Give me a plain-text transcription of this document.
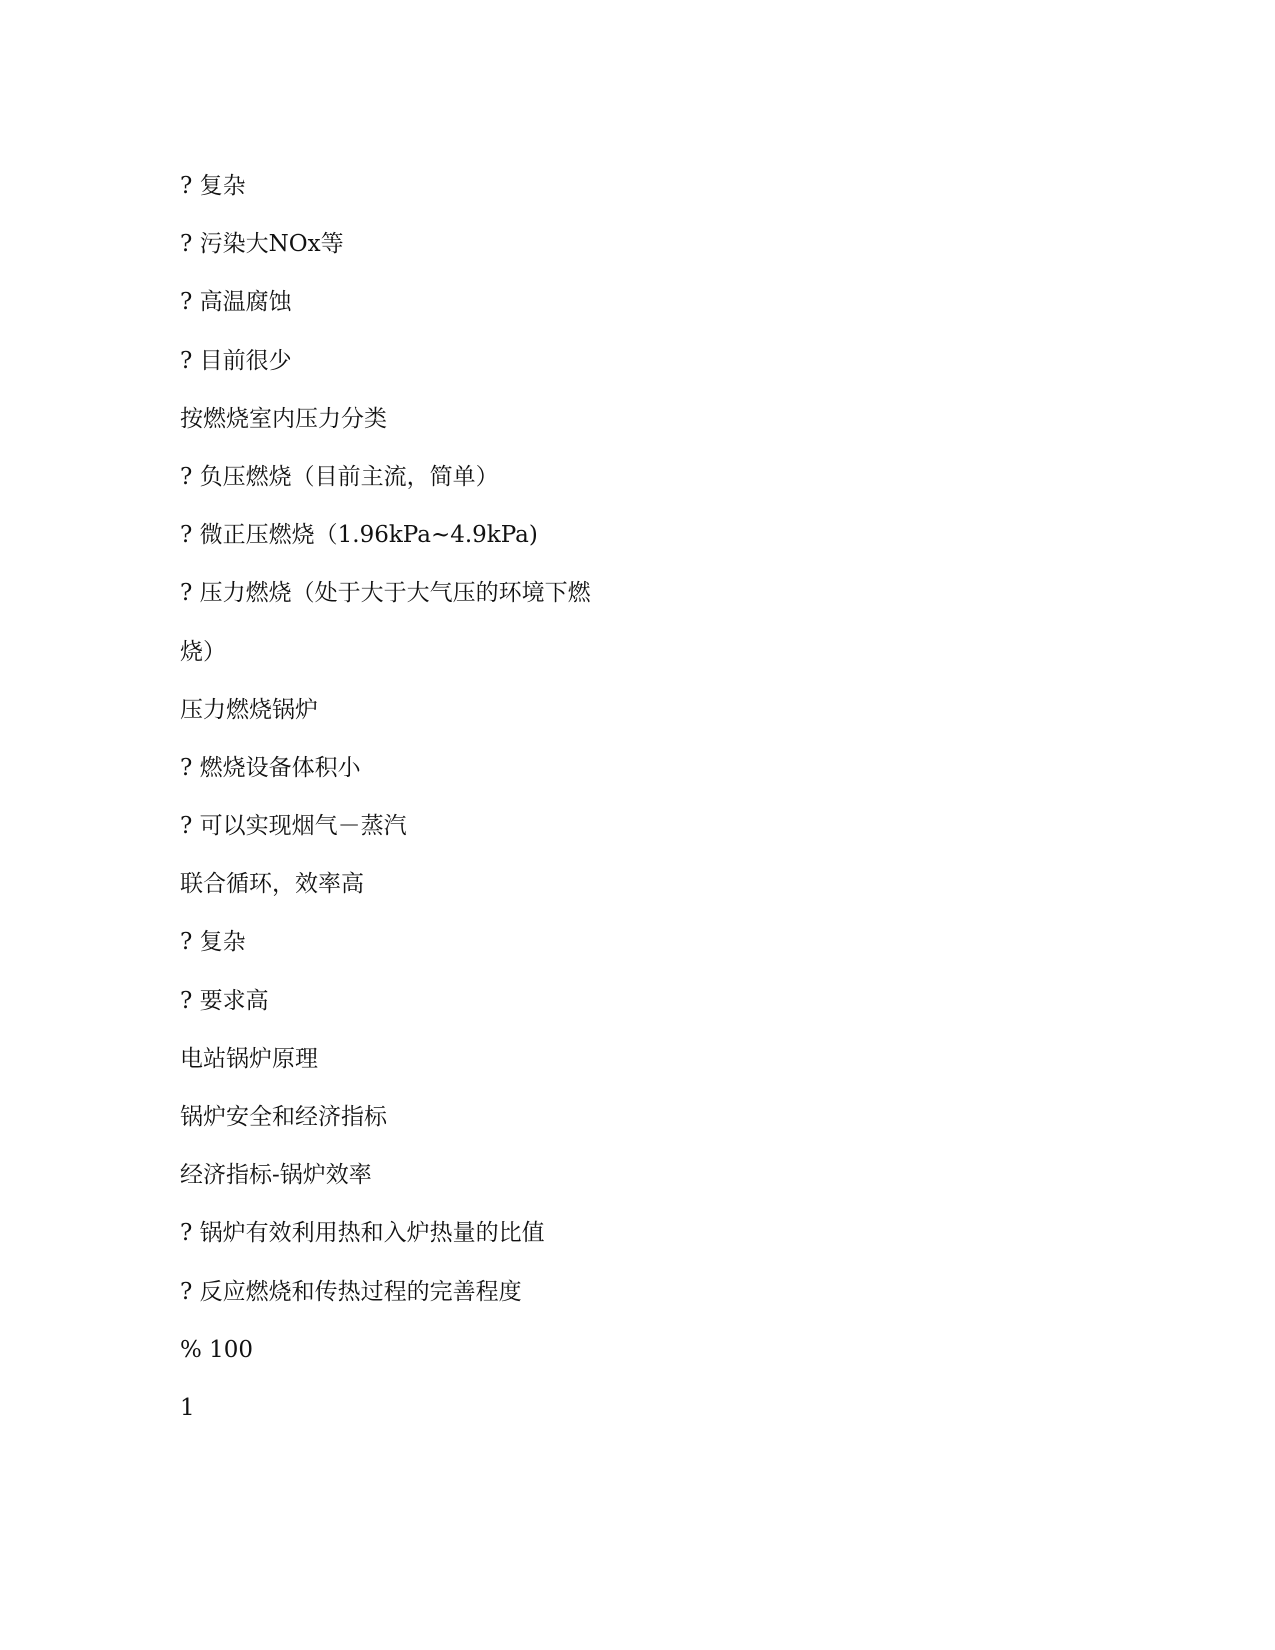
? 复杂
? 污染大NOx等
? 高温腐蚀
? 目前很少
按燃烧室内压力分类
? 负压燃烧（目前主流，简单）
? 微正压燃烧（1.96kPa~4.9kPa)
? 压力燃烧（处于大于大气压的环境下燃
烧）
压力燃烧锅炉
? 燃烧设备体积小
? 可以实现烟气－蒸汽
联合循环，效率高
? 复杂
? 要求高
电站锅炉原理
锅炉安全和经济指标
经济指标-锅炉效率
? 锅炉有效利用热和入炉热量的比值
? 反应燃烧和传热过程的完善程度
% 100
1
